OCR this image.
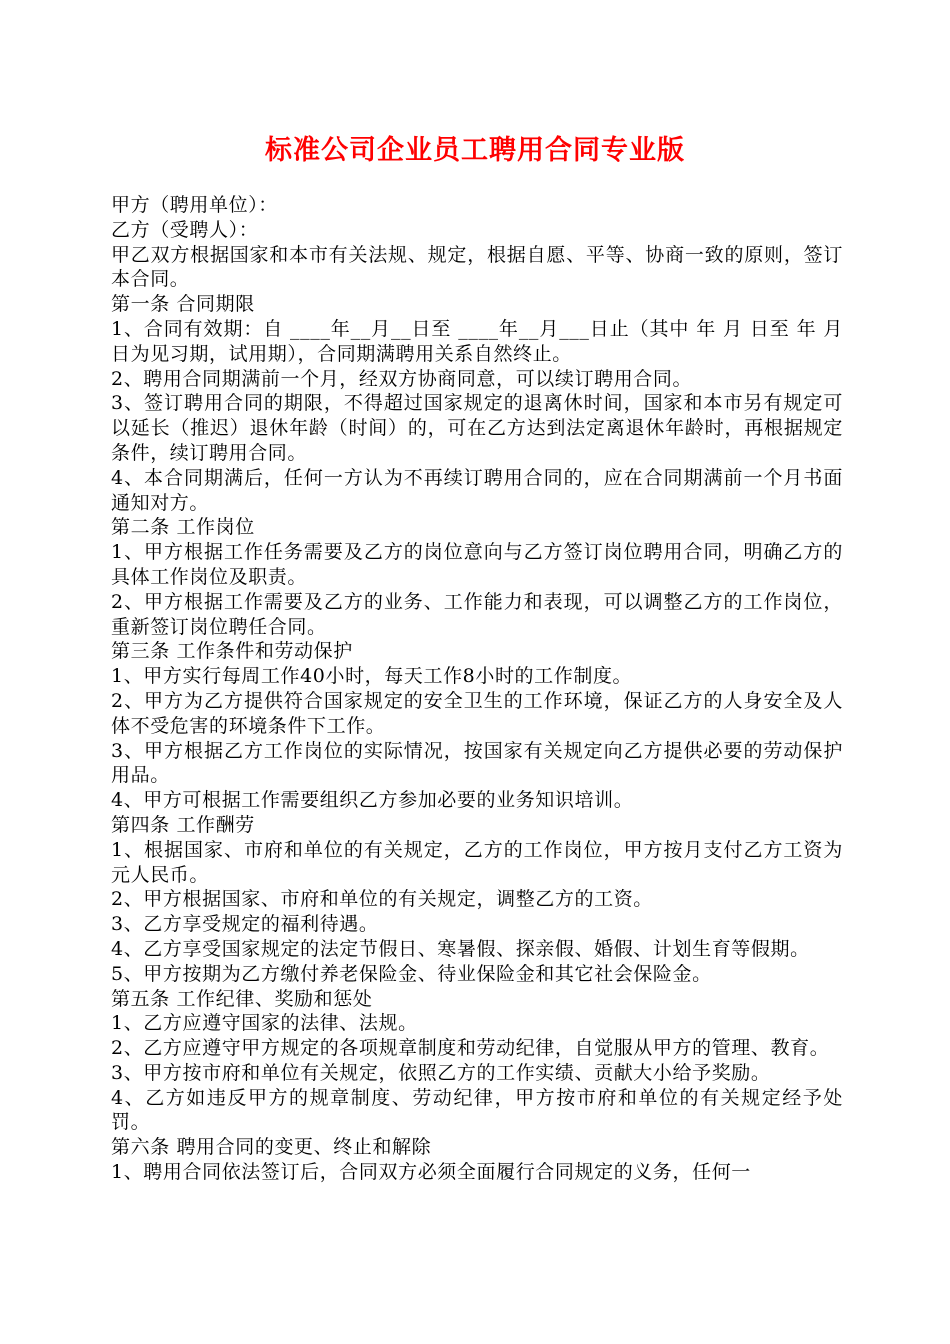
标准公司企业员工聘用合同专业版

甲方（聘用单位）：

乙方（受聘人）：

甲乙双方根据国家和本市有关法规、规定，根据自愿、平等、协商一致的原则，签订本合同。

第一条 合同期限

1、合同有效期：自 ____年__月__日至 ____年__月___日止（其中 年 月 日至 年 月 日为见习期，试用期），合同期满聘用关系自然终止。

2、聘用合同期满前一个月，经双方协商同意，可以续订聘用合同。

3、签订聘用合同的期限，不得超过国家规定的退离休时间，国家和本市另有规定可以延长（推迟）退休年龄（时间）的，可在乙方达到法定离退休年龄时，再根据规定条件，续订聘用合同。

4、本合同期满后，任何一方认为不再续订聘用合同的，应在合同期满前一个月书面通知对方。

第二条 工作岗位

1、甲方根据工作任务需要及乙方的岗位意向与乙方签订岗位聘用合同，明确乙方的具体工作岗位及职责。

2、甲方根据工作需要及乙方的业务、工作能力和表现，可以调整乙方的工作岗位，重新签订岗位聘任合同。

第三条 工作条件和劳动保护

1、甲方实行每周工作40小时，每天工作8小时的工作制度。

2、甲方为乙方提供符合国家规定的安全卫生的工作环境，保证乙方的人身安全及人体不受危害的环境条件下工作。

3、甲方根据乙方工作岗位的实际情况，按国家有关规定向乙方提供必要的劳动保护用品。

4、甲方可根据工作需要组织乙方参加必要的业务知识培训。

第四条 工作酬劳

1、根据国家、市府和单位的有关规定，乙方的工作岗位，甲方按月支付乙方工资为 元人民币。

2、甲方根据国家、市府和单位的有关规定，调整乙方的工资。

3、乙方享受规定的福利待遇。

4、乙方享受国家规定的法定节假日、寒暑假、探亲假、婚假、计划生育等假期。

5、甲方按期为乙方缴付养老保险金、待业保险金和其它社会保险金。

第五条 工作纪律、奖励和惩处

1、乙方应遵守国家的法律、法规。

2、乙方应遵守甲方规定的各项规章制度和劳动纪律，自觉服从甲方的管理、教育。

3、甲方按市府和单位有关规定，依照乙方的工作实绩、贡献大小给予奖励。

4、乙方如违反甲方的规章制度、劳动纪律，甲方按市府和单位的有关规定经予处罚。

第六条 聘用合同的变更、终止和解除

1、聘用合同依法签订后，合同双方必须全面履行合同规定的义务，任何一
